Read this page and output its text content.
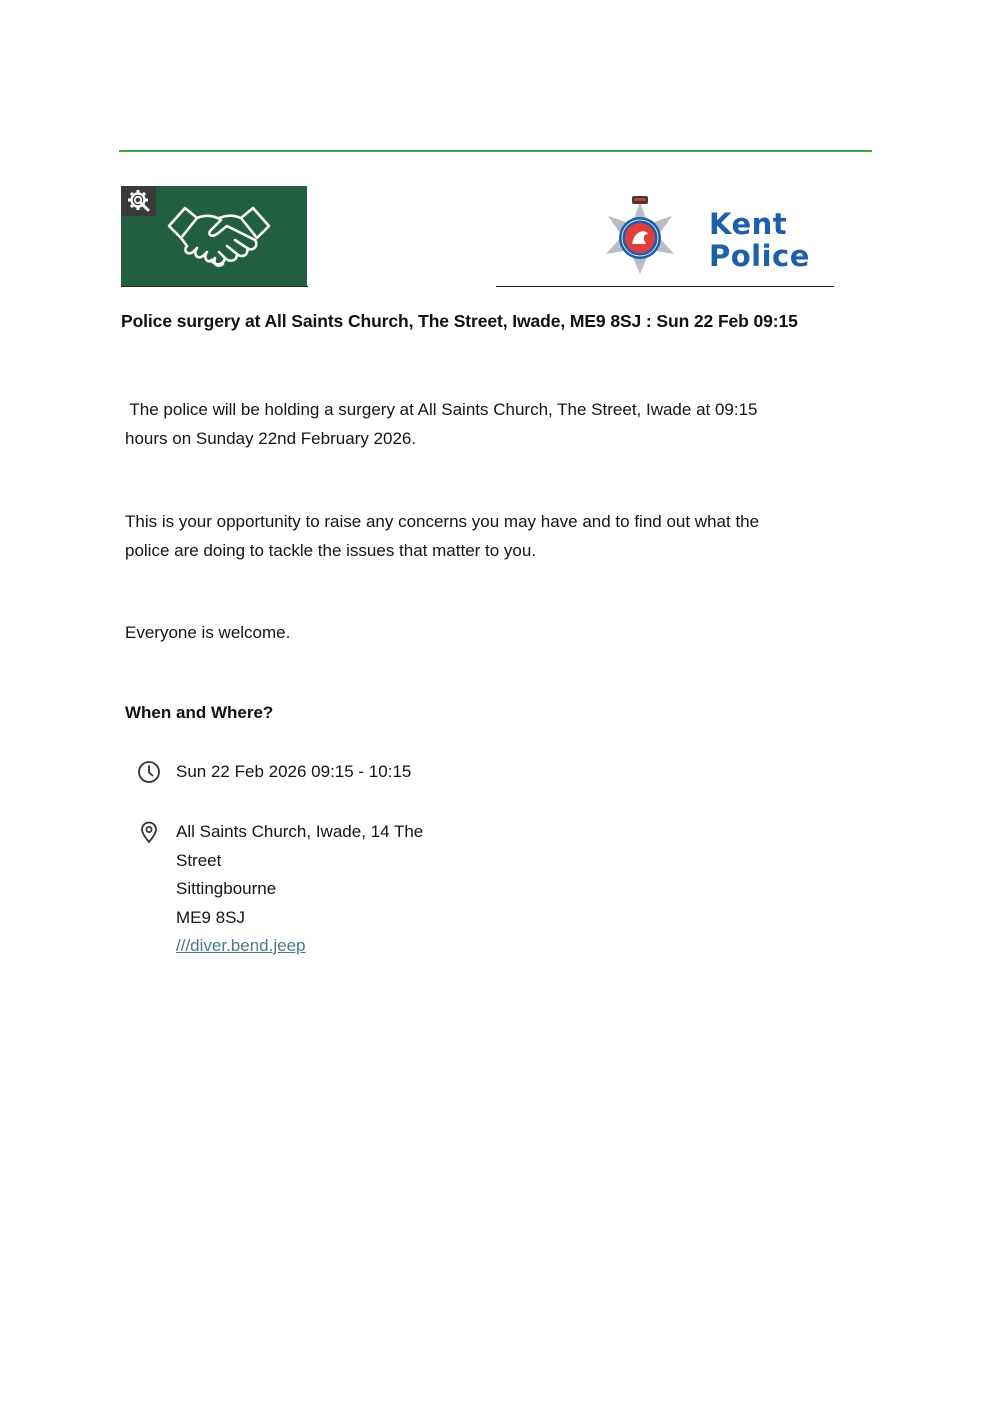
Kent
Police
Police surgery at All Saints Church, The Street, Iwade, ME9 8SJ : Sun 22 Feb 09:15
The police will be holding a surgery at All Saints Church, The Street, Iwade at 09:15
hours on Sunday 22nd February 2026.
This is your opportunity to raise any concerns you may have and to find out what the
police are doing to tackle the issues that matter to you.
Everyone is welcome.
When and Where?
Sun 22 Feb 2026 09:15 - 10:15
All Saints Church, Iwade, 14 The
Street
Sittingbourne
ME9 8SJ
///diver.bend.jeep
